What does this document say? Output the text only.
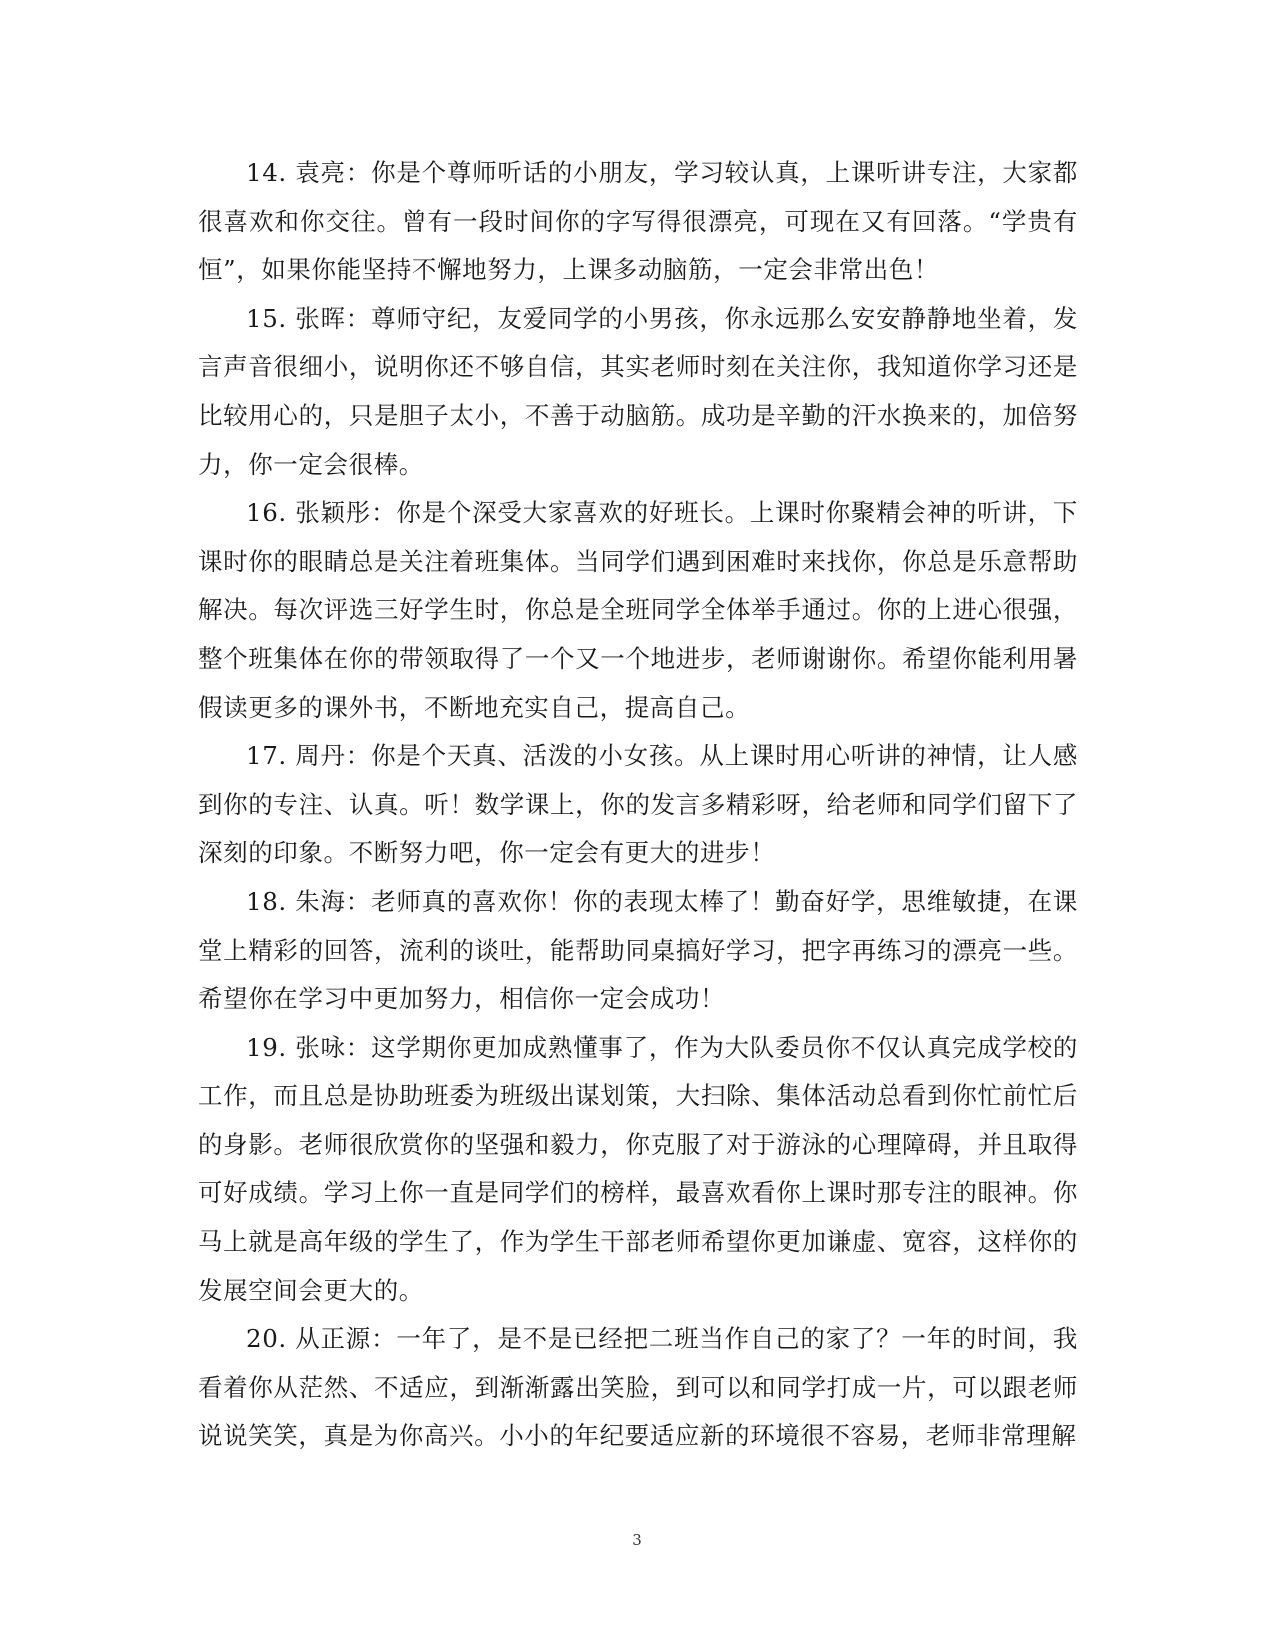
14. 袁亮：你是个尊师听话的小朋友，学习较认真，上课听讲专注，大家都很喜欢和你交往。曾有一段时间你的字写得很漂亮，可现在又有回落。“学贵有恒”，如果你能坚持不懈地努力，上课多动脑筋，一定会非常出色！

15. 张晖：尊师守纪，友爱同学的小男孩，你永远那么安安静静地坐着，发言声音很细小，说明你还不够自信，其实老师时刻在关注你，我知道你学习还是比较用心的，只是胆子太小，不善于动脑筋。成功是辛勤的汗水换来的，加倍努力，你一定会很棒。

16. 张颖彤：你是个深受大家喜欢的好班长。上课时你聚精会神的听讲，下课时你的眼睛总是关注着班集体。当同学们遇到困难时来找你，你总是乐意帮助解决。每次评选三好学生时，你总是全班同学全体举手通过。你的上进心很强，整个班集体在你的带领取得了一个又一个地进步，老师谢谢你。希望你能利用暑假读更多的课外书，不断地充实自己，提高自己。

17. 周丹：你是个天真、活泼的小女孩。从上课时用心听讲的神情，让人感到你的专注、认真。听！数学课上，你的发言多精彩呀，给老师和同学们留下了深刻的印象。不断努力吧，你一定会有更大的进步！

18. 朱海：老师真的喜欢你！你的表现太棒了！勤奋好学，思维敏捷，在课堂上精彩的回答，流利的谈吐，能帮助同桌搞好学习，把字再练习的漂亮一些。希望你在学习中更加努力，相信你一定会成功！

19. 张咏：这学期你更加成熟懂事了，作为大队委员你不仅认真完成学校的工作，而且总是协助班委为班级出谋划策，大扫除、集体活动总看到你忙前忙后的身影。老师很欣赏你的坚强和毅力，你克服了对于游泳的心理障碍，并且取得可好成绩。学习上你一直是同学们的榜样，最喜欢看你上课时那专注的眼神。你马上就是高年级的学生了，作为学生干部老师希望你更加谦虚、宽容，这样你的发展空间会更大的。

20. 从正源：一年了，是不是已经把二班当作自己的家了？一年的时间，我看着你从茫然、不适应，到渐渐露出笑脸，到可以和同学打成一片，可以跟老师说说笑笑，真是为你高兴。小小的年纪要适应新的环境很不容易，老师非常理解

3
